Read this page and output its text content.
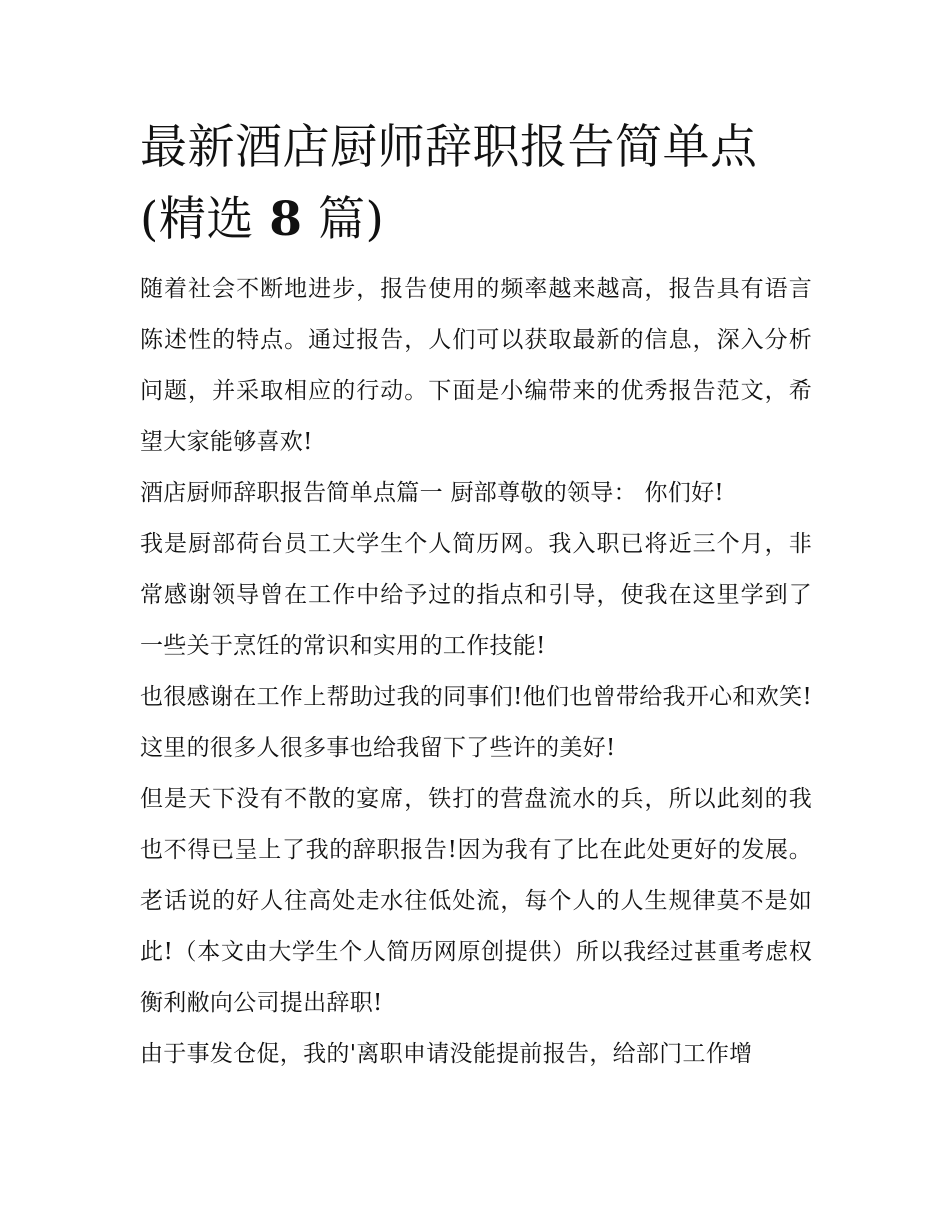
最新酒店厨师辞职报告简单点
(精选 8 篇)

随着社会不断地进步，报告使用的频率越来越高，报告具有语言陈述性的特点。通过报告，人们可以获取最新的信息，深入分析问题，并采取相应的行动。下面是小编带来的优秀报告范文，希望大家能够喜欢!

酒店厨师辞职报告简单点篇一 厨部尊敬的领导： 你们好!

我是厨部荷台员工大学生个人简历网。我入职已将近三个月，非常感谢领导曾在工作中给予过的指点和引导，使我在这里学到了一些关于烹饪的常识和实用的工作技能!

也很感谢在工作上帮助过我的同事们!他们也曾带给我开心和欢笑!这里的很多人很多事也给我留下了些许的美好!

但是天下没有不散的宴席，铁打的营盘流水的兵，所以此刻的我也不得已呈上了我的辞职报告!因为我有了比在此处更好的发展。老话说的好人往高处走水往低处流，每个人的人生规律莫不是如此!（本文由大学生个人简历网原创提供）所以我经过甚重考虑权衡利敝向公司提出辞职!

由于事发仓促，我的'离职申请没能提前报告，给部门工作增
